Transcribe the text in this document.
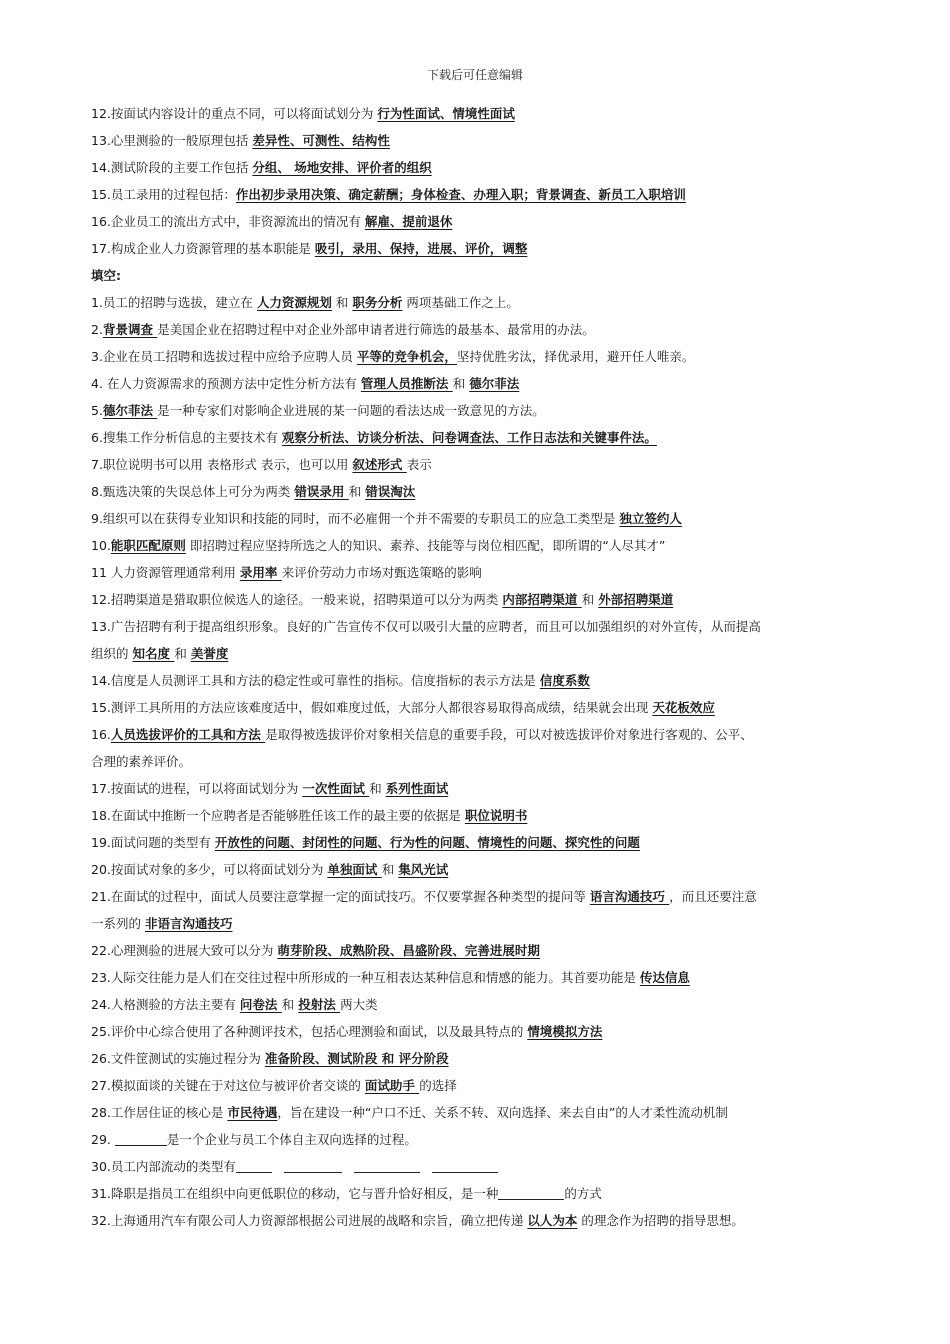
下载后可任意编辑
12.按面试内容设计的重点不同，可以将面试划分为 行为性面试、情境性面试
13.心里测验的一般原理包括 差异性、可测性、结构性
14.测试阶段的主要工作包括 分组、 场地安排、评价者的组织
15.员工录用的过程包括：作出初步录用决策、确定薪酬；身体检查、办理入职；背景调查、新员工入职培训
16.企业员工的流出方式中，非资源流出的情况有 解雇、提前退休
17.构成企业人力资源管理的基本职能是 吸引，录用、保持，进展、评价，调整
填空:
1.员工的招聘与选拔，建立在 人力资源规划 和 职务分析 两项基础工作之上。
2.背景调查 是美国企业在招聘过程中对企业外部申请者进行筛选的最基本、最常用的办法。
3.企业在员工招聘和选拔过程中应给予应聘人员 平等的竞争机会，坚持优胜劣汰，择优录用，避开任人唯亲。
4. 在人力资源需求的预测方法中定性分析方法有 管理人员推断法 和 德尔菲法
5.德尔菲法 是一种专家们对影响企业进展的某一问题的看法达成一致意见的方法。
6.搜集工作分析信息的主要技术有 观察分析法、访谈分析法、问卷调查法、工作日志法和关键事件法。
7.职位说明书可以用 表格形式 表示，也可以用 叙述形式 表示
8.甄选决策的失误总体上可分为两类 错误录用 和 错误淘汰
9.组织可以在获得专业知识和技能的同时，而不必雇佣一个并不需要的专职员工的应急工类型是 独立签约人
10.能职匹配原则 即招聘过程应坚持所选之人的知识、素养、技能等与岗位相匹配，即所谓的“人尽其才”
11 人力资源管理通常利用 录用率 来评价劳动力市场对甄选策略的影响
12.招聘渠道是猎取职位候选人的途径。一般来说，招聘渠道可以分为两类 内部招聘渠道 和 外部招聘渠道
13.广告招聘有利于提高组织形象。良好的广告宣传不仅可以吸引大量的应聘者，而且可以加强组织的对外宣传，从而提高
组织的 知名度 和 美誉度
14.信度是人员测评工具和方法的稳定性或可靠性的指标。信度指标的表示方法是 信度系数
15.测评工具所用的方法应该难度适中，假如难度过低，大部分人都很容易取得高成绩，结果就会出现 天花板效应
16.人员选拔评价的工具和方法 是取得被选拔评价对象相关信息的重要手段，可以对被选拔评价对象进行客观的、公平、
合理的素养评价。
17.按面试的进程，可以将面试划分为 一次性面试 和 系列性面试
18.在面试中推断一个应聘者是否能够胜任该工作的最主要的依据是 职位说明书
19.面试问题的类型有 开放性的问题、封闭性的问题、行为性的问题、情境性的问题、探究性的问题
20.按面试对象的多少，可以将面试划分为 单独面试 和 集风光试
21.在面试的过程中，面试人员要注意掌握一定的面试技巧。不仅要掌握各种类型的提问等 语言沟通技巧 ，而且还要注意
一系列的 非语言沟通技巧
22.心理测验的进展大致可以分为 萌芽阶段、成熟阶段、昌盛阶段、完善进展时期
23.人际交往能力是人们在交往过程中所形成的一种互相表达某种信息和情感的能力。其首要功能是 传达信息
24.人格测验的方法主要有 问卷法 和 投射法 两大类
25.评价中心综合使用了各种测评技术，包括心理测验和面试，以及最具特点的 情境模拟方法
26.文件筐测试的实施过程分为 准备阶段、测试阶段 和 评分阶段
27.模拟面谈的关键在于对这位与被评价者交谈的 面试助手 的选择
28.工作居住证的核心是 市民待遇，旨在建设一种“户口不迁、关系不转、双向选择、来去自由”的人才柔性流动机制
29.	是一个企业与员工个体自主双向选择的过程。
30.员工内部流动的类型有
31.降职是指员工在组织中向更低职位的移动，它与晋升恰好相反，是一种	的方式
32.上海通用汽车有限公司人力资源部根据公司进展的战略和宗旨，确立把传递 以人为本 的理念作为招聘的指导思想。
